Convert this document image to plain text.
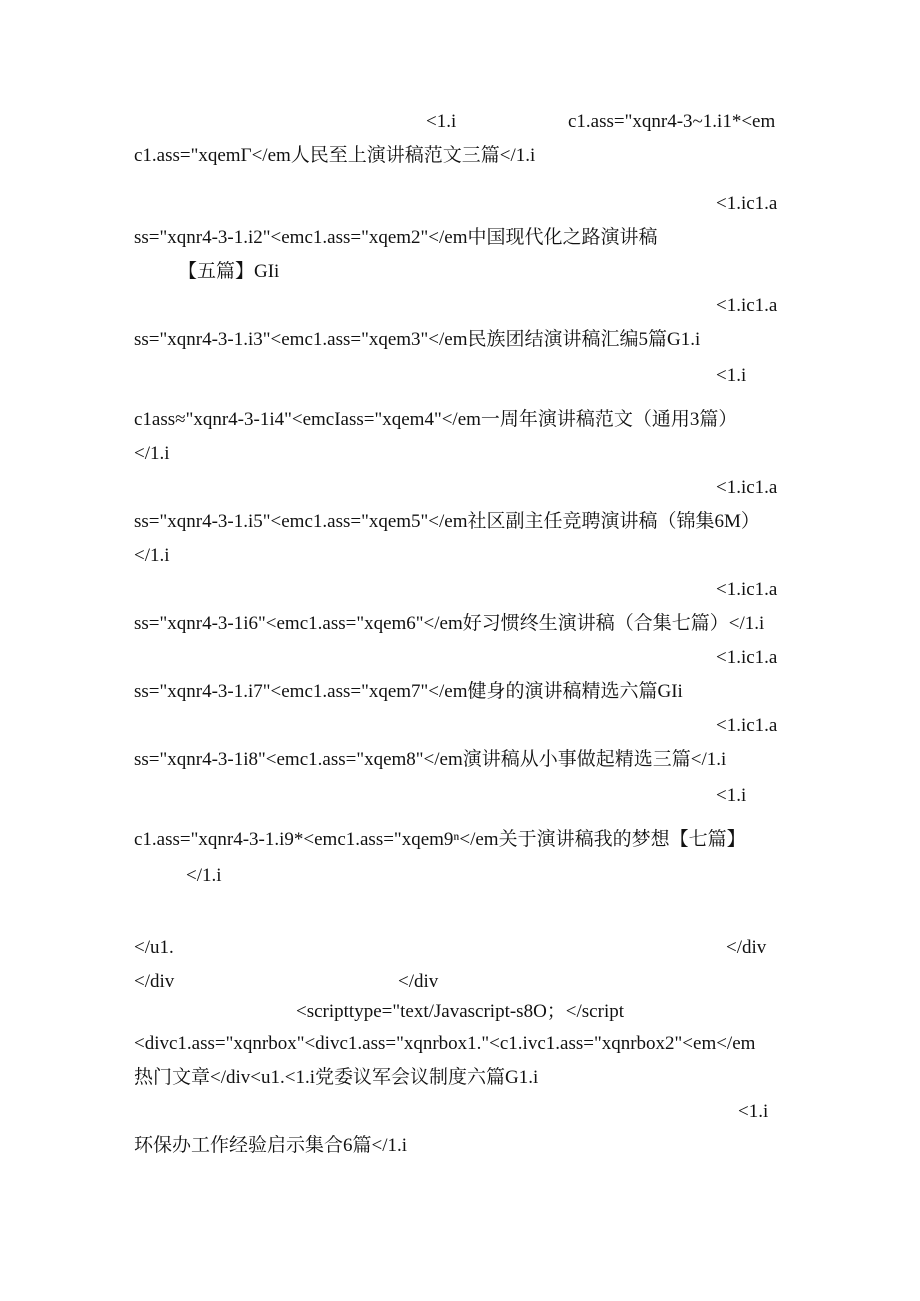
<1.i	c1.ass="xqnr4-3~1.i1*<em
c1.ass="xqemΓ</em人民至上演讲稿范文三篇</1.i
<1.ic1.a
ss="xqnr4-3-1.i2"<emc1.ass="xqem2"</em中国现代化之路演讲稿
【五篇】GIi
<1.ic1.a
ss="xqnr4-3-1.i3"<emc1.ass="xqem3"</em民族团结演讲稿汇编5篇G1.i
<1.i
c1ass≈"xqnr4-3-1i4"<emcIass="xqem4"</em一周年演讲稿范文（通用3篇）
</1.i
<1.ic1.a
ss="xqnr4-3-1.i5"<emc1.ass="xqem5"</em社区副主任竞聘演讲稿（锦集6M）
</1.i
<1.ic1.a
ss="xqnr4-3-1i6"<emc1.ass="xqem6"</em好习惯终生演讲稿（合集七篇）</1.i
<1.ic1.a
ss="xqnr4-3-1.i7"<emc1.ass="xqem7"</em健身的演讲稿精选六篇GIi
<1.ic1.a
ss="xqnr4-3-1i8"<emc1.ass="xqem8"</em演讲稿从小事做起精选三篇</1.i
<1.i
c1.ass="xqnr4-3-1.i9*<emc1.ass="xqem9ⁿ</em关于演讲稿我的梦想【七篇】
</1.i
</u1.	</div
</div	</div
<scripttype="text/Javascript-s8O；</script
<divc1.ass="xqnrbox"<divc1.ass="xqnrbox1."<c1.ivc1.ass="xqnrbox2"<em</em
热门文章</div<u1.<1.i党委议军会议制度六篇G1.i
<1.i
环保办工作经验启示集合6篇</1.i
